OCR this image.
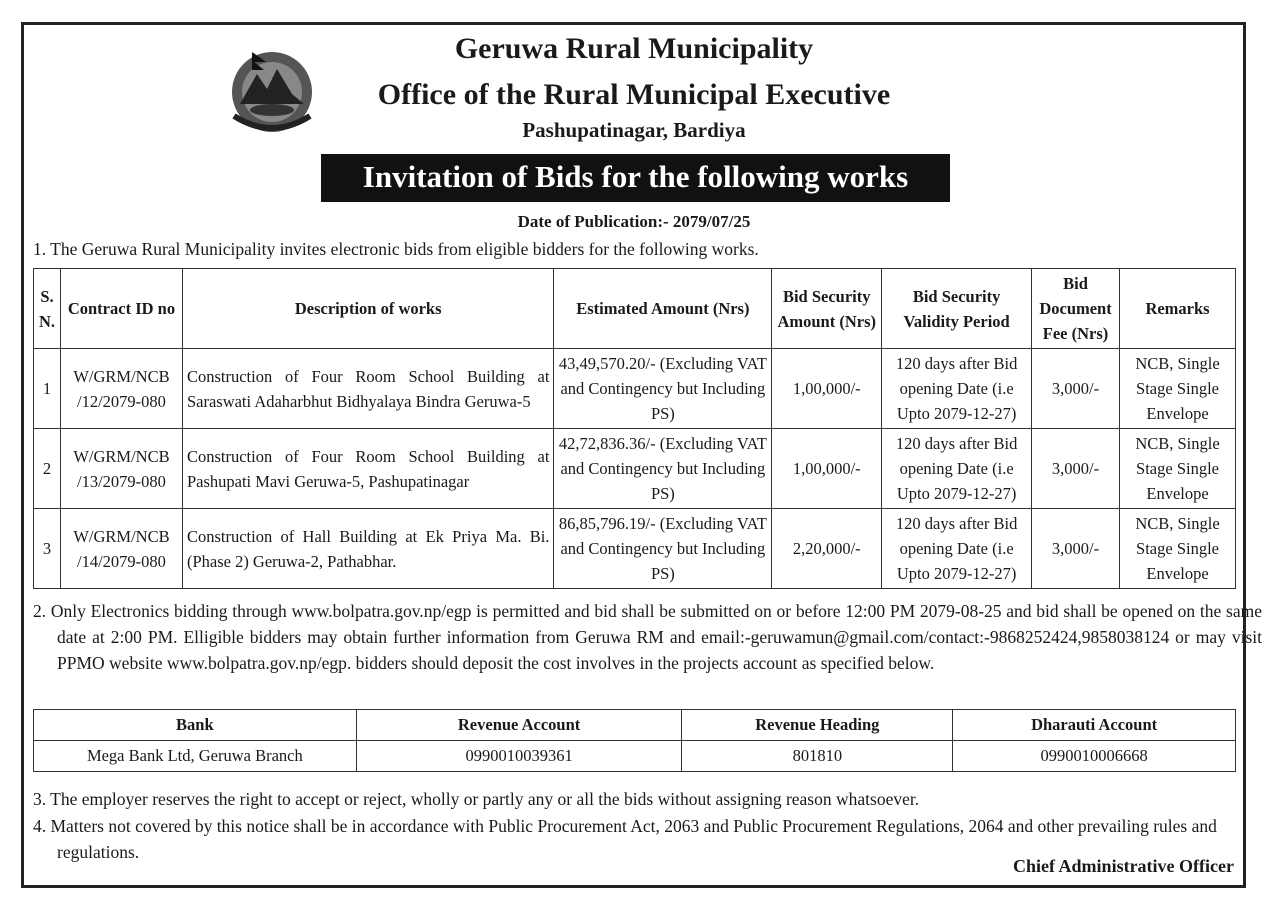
Geruwa Rural Municipality
Office of the Rural Municipal Executive
Pashupatinagar, Bardiya
Invitation of Bids for the following works
Date of Publication:- 2079/07/25
1. The Geruwa Rural Municipality invites electronic bids from eligible bidders for the following works.
S. N.	Contract ID no	Description of works	Estimated Amount (Nrs)	Bid Security Amount (Nrs)	Bid Security Validity Period	Bid Document Fee (Nrs)	Remarks
1	W/GRM/NCB /12/2079-080	Construction of Four Room School Building at Saraswati Adaharbhut Bidhyalaya Bindra Geruwa-5	43,49,570.20/- (Excluding VAT and Contingency but Including PS)	1,00,000/-	120 days after Bid opening Date (i.e Upto 2079-12-27)	3,000/-	NCB, Single Stage Single Envelope
2	W/GRM/NCB /13/2079-080	Construction of Four Room School Building at Pashupati Mavi Geruwa-5, Pashupatinagar	42,72,836.36/- (Excluding VAT and Contingency but Including PS)	1,00,000/-	120 days after Bid opening Date (i.e Upto 2079-12-27)	3,000/-	NCB, Single Stage Single Envelope
3	W/GRM/NCB /14/2079-080	Construction of Hall Building at Ek Priya Ma. Bi. (Phase 2) Geruwa-2, Pathabhar.	86,85,796.19/- (Excluding VAT and Contingency but Including PS)	2,20,000/-	120 days after Bid opening Date (i.e Upto 2079-12-27)	3,000/-	NCB, Single Stage Single Envelope
2. Only Electronics bidding through www.bolpatra.gov.np/egp is permitted and bid shall be submitted on or before 12:00 PM 2079-08-25 and bid shall be opened on the same date at 2:00 PM. Elligible bidders may obtain further information from Geruwa RM and email:-geruwamun@gmail.com/contact:-9868252424,9858038124 or may visit PPMO website www.bolpatra.gov.np/egp. bidders should deposit the cost involves in the projects account as specified below.
Bank	Revenue Account	Revenue Heading	Dharauti Account
Mega Bank Ltd, Geruwa Branch	0990010039361	801810	0990010006668
3. The employer reserves the right to accept or reject, wholly or partly any or all the bids without assigning reason whatsoever.
4. Matters not covered by this notice shall be in accordance with Public Procurement Act, 2063 and Public Procurement Regulations, 2064 and other prevailing rules and regulations.
Chief Administrative Officer
